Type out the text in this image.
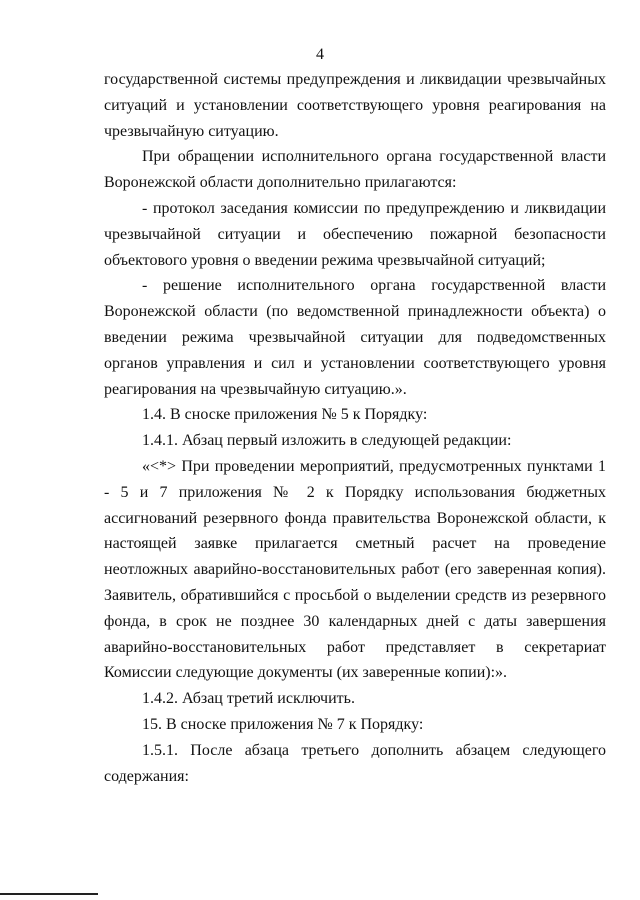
4

государственной системы предупреждения и ликвидации чрезвычайных ситуаций и установлении соответствующего уровня реагирования на чрезвычайную ситуацию.

При обращении исполнительного органа государственной власти Воронежской области дополнительно прилагаются:

- протокол заседания комиссии по предупреждению и ликвидации чрезвычайной ситуации и обеспечению пожарной безопасности объектового уровня о введении режима чрезвычайной ситуаций;

- решение исполнительного органа государственной власти Воронежской области (по ведомственной принадлежности объекта) о введении режима чрезвычайной ситуации для подведомственных органов управления и сил и установлении соответствующего уровня реагирования на чрезвычайную ситуацию.».

1.4. В сноске приложения № 5 к Порядку:

1.4.1. Абзац первый изложить в следующей редакции:

«<*> При проведении мероприятий, предусмотренных пунктами 1 - 5 и 7 приложения № 2 к Порядку использования бюджетных ассигнований резервного фонда правительства Воронежской области, к настоящей заявке прилагается сметный расчет на проведение неотложных аварийно-восстановительных работ (его заверенная копия). Заявитель, обратившийся с просьбой о выделении средств из резервного фонда, в срок не позднее 30 календарных дней с даты завершения аварийно-восстановительных работ представляет в секретариат Комиссии следующие документы (их заверенные копии):».

1.4.2. Абзац третий исключить.

15. В сноске приложения № 7 к Порядку:

1.5.1. После абзаца третьего дополнить абзацем следующего содержания:
